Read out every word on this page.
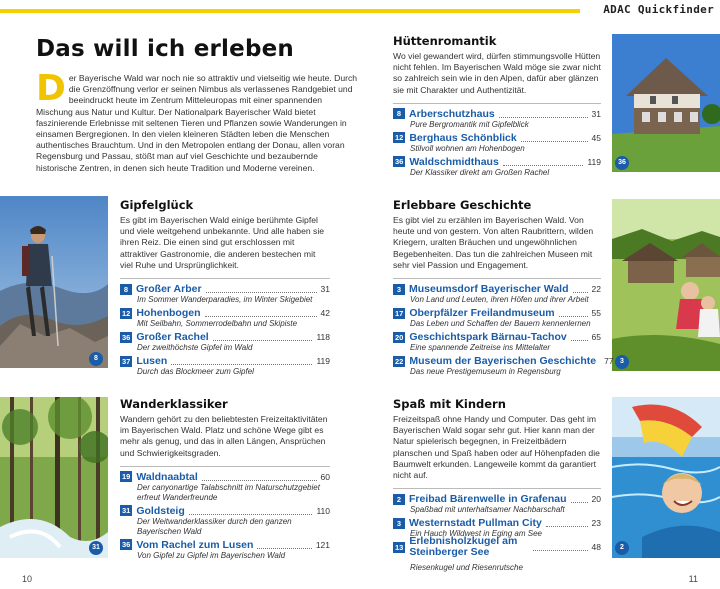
ADAC Quickfinder
Das will ich erleben
Der Bayerische Wald war noch nie so attraktiv und vielseitig wie heute. Durch die Grenzöffnung verlor er seinen Nimbus als verlassenes Randgebiet und beeindruckt heute im Zentrum Mitteleuropas mit einer spannenden Mischung aus Natur und Kultur. Der Nationalpark Bayerischer Wald bietet faszinierende Erlebnisse mit seltenen Tieren und Pflanzen sowie Wanderungen in einsamen Bergregionen. In den vielen kleineren Städten leben die Menschen authentisches Brauchtum. Und in den Metropolen entlang der Donau, allen voran Regensburg und Passau, stößt man auf viel Geschichte und bezaubernde historische Zentren, in denen sich heute Tradition und Moderne vereinen.
8
31
36
3
2
Gipfelglück
Es gibt im Bayerischen Wald einige berühmte Gipfel und viele weitgehend unbekannte. Und alle haben sie ihren Reiz. Die einen sind gut erschlossen mit attraktiver Gastronomie, die anderen bestechen mit viel Ruhe und Ursprünglichkeit.
8 Großer Arber	31
Im Sommer Wanderparadies, im Winter Skigebiet
12 Hohenbogen	42
Mit Seilbahn, Sommerrodelbahn und Skipiste
36 Großer Rachel	118
Der zweithöchste Gipfel im Wald
37 Lusen	119
Durch das Blockmeer zum Gipfel
Wanderklassiker
Wandern gehört zu den beliebtesten Freizeitaktivitäten im Bayerischen Wald. Platz und schöne Wege gibt es mehr als genug, und das in allen Längen, Ansprüchen und Schwierigkeitsgraden.
19 Waldnaabtal	60
Der canyonartige Talabschnitt im Naturschutzgebiet erfreut Wanderfreunde
31 Goldsteig	110
Der Weitwanderklassiker durch den ganzen Bayerischen Wald
36 Vom Rachel zum Lusen	121
Von Gipfel zu Gipfel im Bayerischen Wald
Hüttenromantik
Wo viel gewandert wird, dürfen stimmungsvolle Hütten nicht fehlen. Im Bayerischen Wald möge sie zwar nicht so zahlreich sein wie in den Alpen, dafür aber glänzen sie mit Charakter und Authentizität.
8 Arberschutzhaus	31
Pure Bergromantik mit Gipfelblick
12 Berghaus Schönblick	45
Stilvoll wohnen am Hohenbogen
36 Waldschmidthaus	119
Der Klassiker direkt am Großen Rachel
Erlebbare Geschichte
Es gibt viel zu erzählen im Bayerischen Wald. Von heute und von gestern. Von alten Raubrittern, wilden Kriegern, uralten Bräuchen und ungewöhnlichen Begebenheiten. Das tun die zahlreichen Museen mit sehr viel Passion und Engagement.
3 Museumsdorf Bayerischer Wald	22
Von Land und Leuten, ihren Höfen und ihrer Arbeit
17 Oberpfälzer Freilandmuseum	55
Das Leben und Schaffen der Bauern kennenlernen
20 Geschichtspark Bärnau-Tachov	65
Eine spannende Zeitreise ins Mittelalter
22 Museum der Bayerischen Geschichte 77
Das neue Prestigemuseum in Regensburg
Spaß mit Kindern
Freizeitspaß ohne Handy und Computer. Das geht im Bayerischen Wald sogar sehr gut. Hier kann man der Natur spielerisch begegnen, in Freizeitbädern planschen und Spaß haben oder auf Höhenpfaden die Baumwelt erkunden. Langeweile kommt da garantiert nicht auf.
2 Freibad Bärenwelle in Grafenau	20
Spaßbad mit unterhaltsamer Nachbarschaft
3 Westernstadt Pullman City	23
Ein Hauch Wildwest in Eging am See
13 Erlebnisholzkugel am Steinberger See	48
Riesenkugel und Riesenrutsche
10	11
